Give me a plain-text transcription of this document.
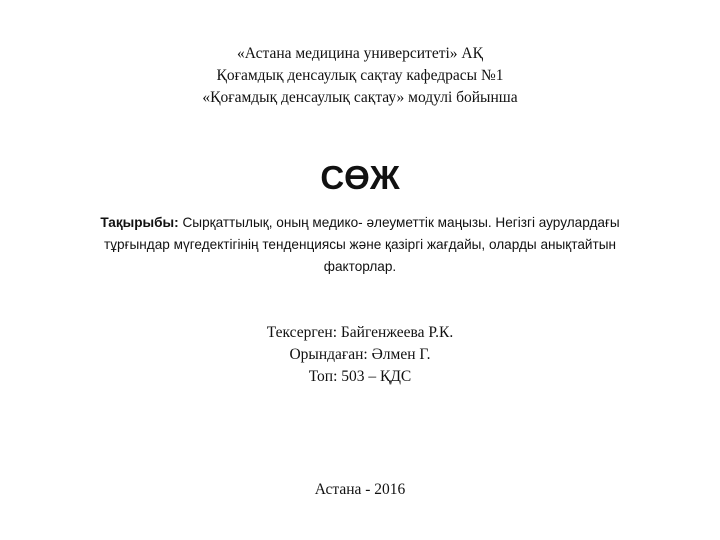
«Астана медицина университеті» АҚ
Қоғамдық денсаулық сақтау кафедрасы №1
«Қоғамдық денсаулық сақтау» модулі бойынша
СӨЖ
Тақырыбы: Сырқаттылық, оның медико- әлеуметтік маңызы. Негізгі аурулардағы тұрғындар мүгедектігінің тенденциясы және қазіргі жағдайы, оларды анықтайтын факторлар.
Тексерген: Байгенжеева Р.К.
Орындаған: Әлмен Г.
Топ: 503 – ҚДС
Астана - 2016
